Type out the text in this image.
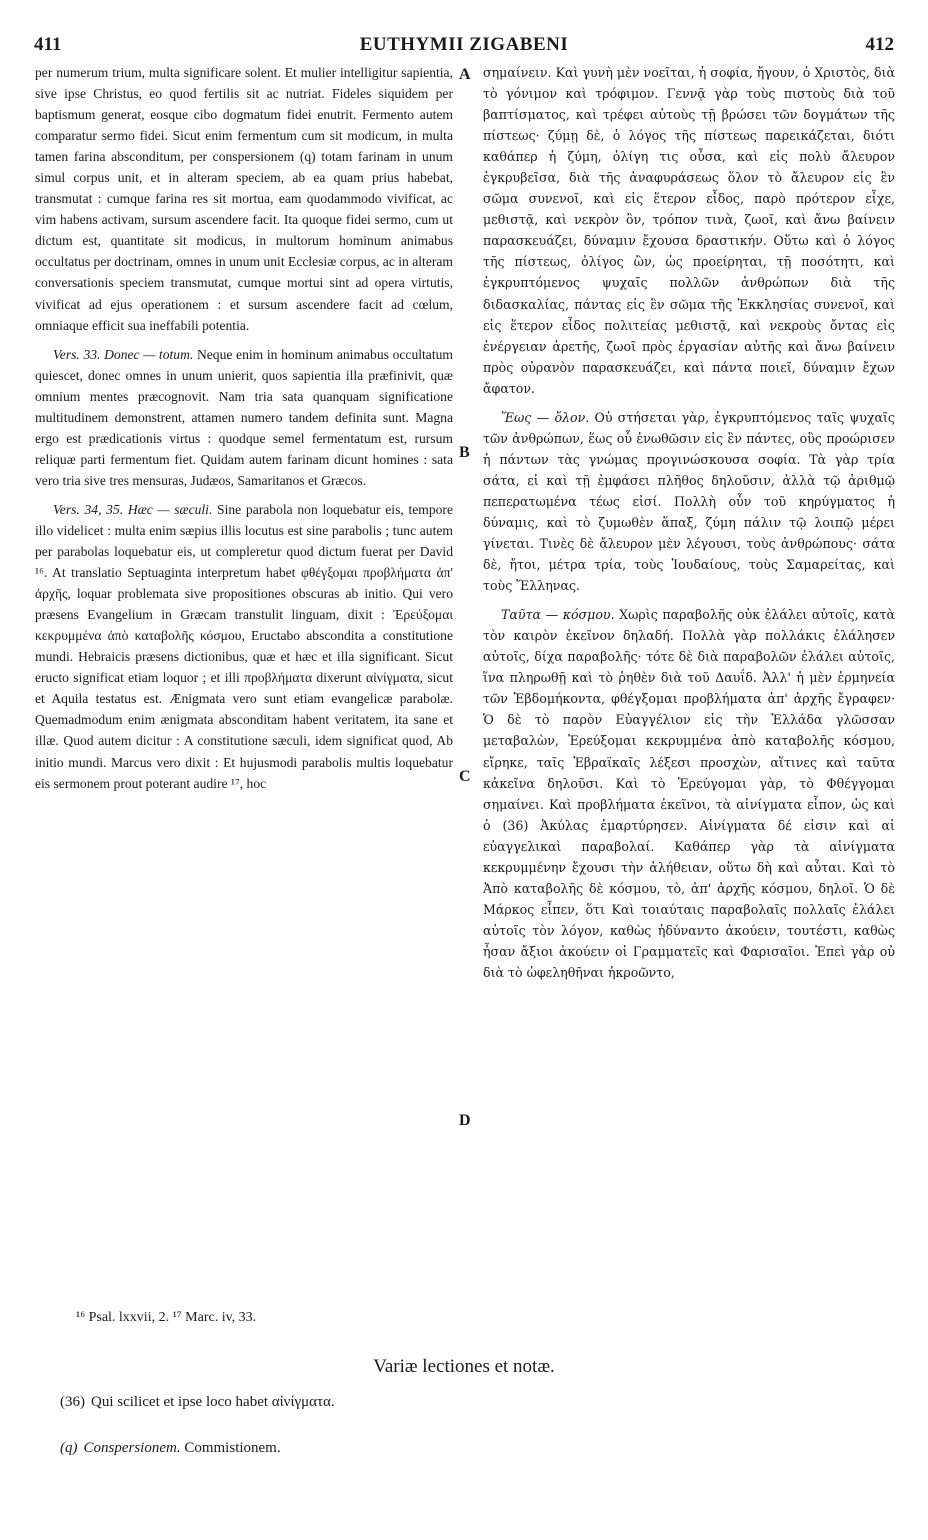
411	EUTHYMII ZIGABENI	412

per numerum trium, multa significare solent. Et mulier intelligitur sapientia, sive ipse Christus, eo quod fertilis sit ac nutriat. Fideles siquidem per baptismum generat, eosque cibo dogmatum fidei enutrit. Fermento autem comparatur sermo fidei. Sicut enim fermentum cum sit modicum, in multa tamen farina absconditum, per conspersionem (q) totam farinam in unum simul corpus unit, et in alteram speciem, ab ea quam prius habebat, transmutat : cumque farina res sit mortua, eam quodammodo vivificat, ac vim habens activam, sursum ascendere facit. Ita quoque fidei sermo, cum ut dictum est, quantitate sit modicus, in multorum hominum animabus occultatus per doctrinam, omnes in unum unit Ecclesiæ corpus, ac in alteram conversationis speciem transmutat, cumque mortui sint ad opera virtutis, vivificat ad ejus operationem : et sursum ascendere facit ad cœlum, omniaque efficit sua ineffabili potentia.

Vers. 33. Donec — totum. Neque enim in hominum animabus occultatum quiescet, donec omnes in unum unierit, quos sapientia illa præfinivit, quæ omnium mentes præcognovit. Nam tria sata quanquam significatione multitudinem demonstrent, attamen numero tandem definita sunt. Magna ergo est prædicationis virtus : quodque semel fermentatum est, rursum reliquæ parti fermentum fiet. Quidam autem farinam dicunt homines : sata vero tria sive tres mensuras, Judæos, Samaritanos et Græcos.

Vers. 34, 35. Hæc — sæculi. Sine parabola non loquebatur eis, tempore illo videlicet : multa enim sæpius illis locutus est sine parabolis ; tunc autem per parabolas loquebatur eis, ut compleretur quod dictum fuerat per David ¹⁶. At translatio Septuaginta interpretum habet φθέγξομαι προβλήματα ἀπ' ἀρχῆς, loquar problemata sive propositiones obscuras ab initio. Qui vero præsens Evangelium in Græcam transtulit linguam, dixit : Ἐρεύξομαι κεκρυμμένα ἀπὸ καταβολῆς κόσμου, Eructabo abscondita a constitutione mundi. Hebraicis præsens dictionibus, quæ et hæc et illa significant. Sicut eructo significat etiam loquor ; et illi προβλήματα dixerunt αἰνίγματα, sicut et Aquila testatus est. Ænigmata vero sunt etiam evangelicæ parabolæ. Quemadmodum enim ænigmata absconditam habent veritatem, ita sane et illæ. Quod autem dicitur : A constitutione sæculi, idem significat quod, Ab initio mundi. Marcus vero dixit : Et hujusmodi parabolis multis loquebatur eis sermonem prout poterant audire ¹⁷, hoc

σημαίνειν. Καὶ γυνὴ μὲν νοεῖται, ἡ σοφία, ἤγουν, ὁ Χριστὸς, διὰ τὸ γόνιμον καὶ τρόφιμον. Γεννᾷ γὰρ τοὺς πιστοὺς διὰ τοῦ βαπτίσματος, καὶ τρέφει αὐτοὺς τῇ βρώσει τῶν δογμάτων τῆς πίστεως· ζύμῃ δὲ, ὁ λόγος τῆς πίστεως παρεικάζεται, διότι καθάπερ ἡ ζύμη, ὀλίγη τις οὖσα, καὶ εἰς πολὺ ἄλευρον ἐγκρυβεῖσα, διὰ τῆς ἀναφυράσεως ὅλον τὸ ἄλευρον εἰς ἓν σῶμα συνενοῖ, καὶ εἰς ἕτερον εἶδος, παρὸ πρότερον εἶχε, μεθιστᾷ, καὶ νεκρὸν ὂν, τρόπον τινὰ, ζωοῖ, καὶ ἄνω βαίνειν παρασκευάζει, δύναμιν ἔχουσα δραστικήν. Οὕτω καὶ ὁ λόγος τῆς πίστεως, ὀλίγος ὢν, ὡς προείρηται, τῇ ποσότητι, καὶ ἐγκρυπτόμενος ψυχαῖς πολλῶν ἀνθρώπων διὰ τῆς διδασκαλίας, πάντας εἰς ἓν σῶμα τῆς Ἐκκλησίας συνενοῖ, καὶ εἰς ἕτερον εἶδος πολιτείας μεθιστᾷ, καὶ νεκροὺς ὄντας εἰς ἐνέργειαν ἀρετῆς, ζωοῖ πρὸς ἐργασίαν αὐτῆς καὶ ἄνω βαίνειν πρὸς οὐρανὸν παρασκευάζει, καὶ πάντα ποιεῖ, δύναμιν ἔχων ἄφατον.

Ἕως — ὅλον. Οὐ στήσεται γὰρ, ἐγκρυπτόμενος ταῖς ψυχαῖς τῶν ἀνθρώπων, ἕως οὗ ἑνωθῶσιν εἰς ἓν πάντες, οὓς προώρισεν ἡ πάντων τὰς γνώμας προγινώσκουσα σοφία. Τὰ γὰρ τρία σάτα, εἰ καὶ τῇ ἐμφάσει πλῆθος δηλοῦσιν, ἀλλὰ τῷ ἀριθμῷ πεπερατωμένα τέως εἰσί. Πολλὴ οὖν τοῦ κηρύγματος ἡ δύναμις, καὶ τὸ ζυμωθὲν ἅπαξ, ζύμη πάλιν τῷ λοιπῷ μέρει γίνεται. Τινὲς δὲ ἄλευρον μὲν λέγουσι, τοὺς ἀνθρώπους· σάτα δὲ, ἤτοι, μέτρα τρία, τοὺς Ἰουδαίους, τοὺς Σαμαρείτας, καὶ τοὺς Ἕλληνας.

Ταῦτα — κόσμου. Χωρὶς παραβολῆς οὐκ ἐλάλει αὐτοῖς, κατὰ τὸν καιρὸν ἐκεῖνον δηλαδή. Πολλὰ γὰρ πολλάκις ἐλάλησεν αὐτοῖς, δίχα παραβολῆς· τότε δὲ διὰ παραβολῶν ἐλάλει αὐτοῖς, ἵνα πληρωθῇ καὶ τὸ ῥηθὲν διὰ τοῦ Δαυΐδ. Ἀλλ' ἡ μὲν ἑρμηνεία τῶν Ἑβδομήκοντα, φθέγξομαι προβλήματα ἀπ' ἀρχῆς ἔγραφεν· Ὁ δὲ τὸ παρὸν Εὐαγγέλιον εἰς τὴν Ἑλλάδα γλῶσσαν μεταβαλὼν, Ἐρεύξομαι κεκρυμμένα ἀπὸ καταβολῆς κόσμου, εἴρηκε, ταῖς Ἑβραϊκαῖς λέξεσι προσχὼν, αἵτινες καὶ ταῦτα κἀκεῖνα δηλοῦσι. Καὶ τὸ Ἐρεύγομαι γὰρ, τὸ Φθέγγομαι σημαίνει. Καὶ προβλήματα ἐκεῖνοι, τὰ αἰνίγματα εἶπον, ὡς καὶ ὁ (36) Ἀκύλας ἐμαρτύρησεν. Αἰνίγματα δέ εἰσιν καὶ αἱ εὐαγγελικαὶ παραβολαί. Καθάπερ γὰρ τὰ αἰνίγματα κεκρυμμένην ἔχουσι τὴν ἀλήθειαν, οὕτω δὴ καὶ αὗται. Καὶ τὸ Ἀπὸ καταβολῆς δὲ κόσμου, τὸ, ἀπ' ἀρχῆς κόσμου, δηλοῖ. Ὁ δὲ Μάρκος εἶπεν, ὅτι Καὶ τοιαύταις παραβολαῖς πολλαῖς ἐλάλει αὐτοῖς τὸν λόγον, καθὼς ἠδύναντο ἀκούειν, τουτέστι, καθὼς ἦσαν ἄξιοι ἀκούειν οἱ Γραμματεῖς καὶ Φαρισαῖοι. Ἐπεὶ γὰρ οὐ διὰ τὸ ὠφεληθῆναι ἠκροῶντο,

A
B
C
D
¹⁶ Psal. lxxvii, 2. ¹⁷ Marc. iv, 33.
Variæ lectiones et notæ.
(36) Qui scilicet et ipse loco habet αἰνίγματα.
(q) Conspersionem. Commistionem.
